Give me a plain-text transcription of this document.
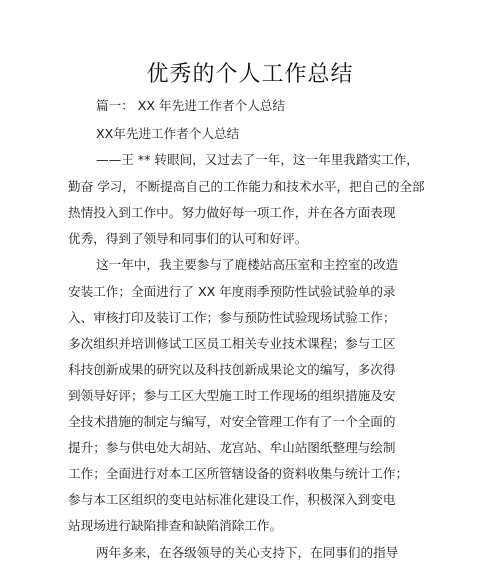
优秀的个人工作总结
篇一： XX 年先进工作者个人总结
XX年先进工作者个人总结
——王 ** 转眼间，又过去了一年，这一年里我踏实工作，
勤奋 学习，不断提高自己的工作能力和技术水平，把自己的全部
热情投入到工作中。努力做好每一项工作，并在各方面表现
优秀，得到了领导和同事们的认可和好评。
这一年中，我主要参与了鹿楼站高压室和主控室的改造
安装工作；全面进行了 XX 年度雨季预防性试验试验单的录
入、审核打印及装订工作；参与预防性试验现场试验工作；
多次组织并培训修试工区员工相关专业技术课程；参与工区
科技创新成果的研究以及科技创新成果论文的编写，多次得
到领导好评；参与工区大型施工时工作现场的组织措施及安
全技术措施的制定与编写，对安全管理工作有了一个全面的
提升；参与供电处大胡站、龙宫站、牟山站图纸整理与绘制
工作；全面进行对本工区所管辖设备的资料收集与统计工作；
参与本工区组织的变电站标准化建设工作，积极深入到变电
站现场进行缺陷排查和缺陷消除工作。
两年多来，在各级领导的关心支持下，在同事们的指导
